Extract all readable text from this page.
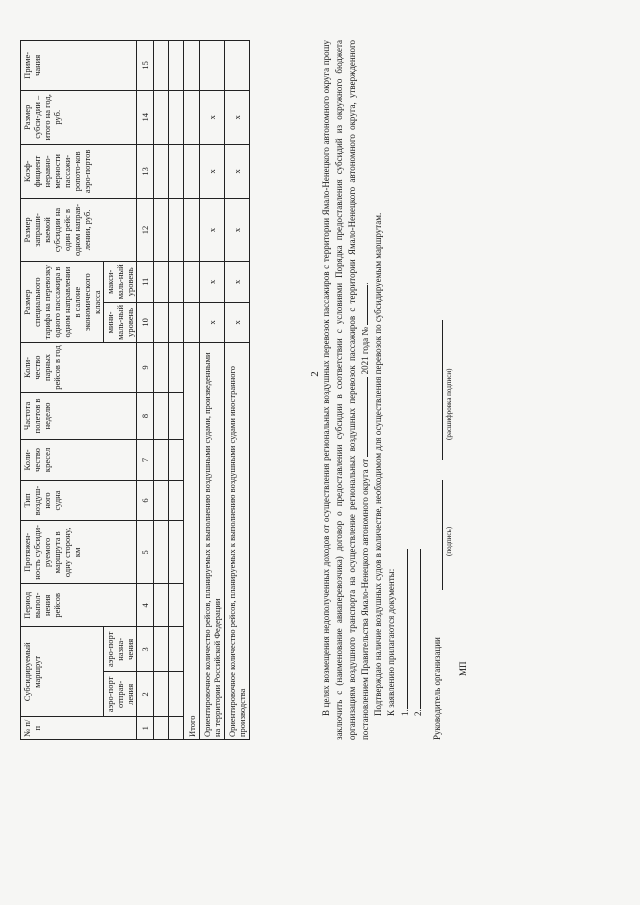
2
№ п/п	Субсидируемый маршрут		Период выпол-нения рейсов	Протяжен-ность субсиди-руемого маршрута в одну сторону, км	Тип воздуш-ного судна	Коли-чество кресел	Частота полетов в неделю	Коли-чество парных рейсов в год	Размер специального тарифа на перевозку одного пассажира в одном направлении в салоне экономического класса		Размер запраши-ваемой субсидии на один рейс в одном направ-лении, руб.	Коэф-фициент неравно-мерности пассажи-ропото-ков аэро-портов	Размер субси-дии – итого на год, руб.	Приме-чания
									мини-маль-ный уровень	макси-маль-ный уровень				
	аэро-порт отправ-ления	аэро-порт назна-чения												
1	2	3	4	5	6	7	8	9	10	11	12	13	14	15

Итого														
Ориентировочное количество рейсов, планируемых к выполнению воздушными судами, произведенными на территории Российской Федерации									х	х	х	х	х	
Ориентировочное количество рейсов, планируемых к выполнению воздушными судами иностранного производства									х	х	х	х	х		В целях возмещения недополученных доходов от осуществления региональных воздушных перевозок пассажиров с территории Ямало-Ненецкого автономного округа прошу заключить с (наименование авиаперевозчика) договор о предоставлении субсидии в соответствии с условиями Порядка предоставления субсидий из окружного бюджета организациям воздушного транспорта на осуществление региональных воздушных перевозок пассажиров с территории Ямало-Ненецкого автономного округа, утвержденного постановлением Правительства Ямало-Ненецкого автономного округа от  2021 года № . Подтверждаю наличие воздушных судов в количестве, необходимом для осуществления перевозок по субсидируемым маршрутам. К заявлению прилагаются документы: 1. 2. Руководитель организации
(подпись)
(расшифровка подписи)
МП
